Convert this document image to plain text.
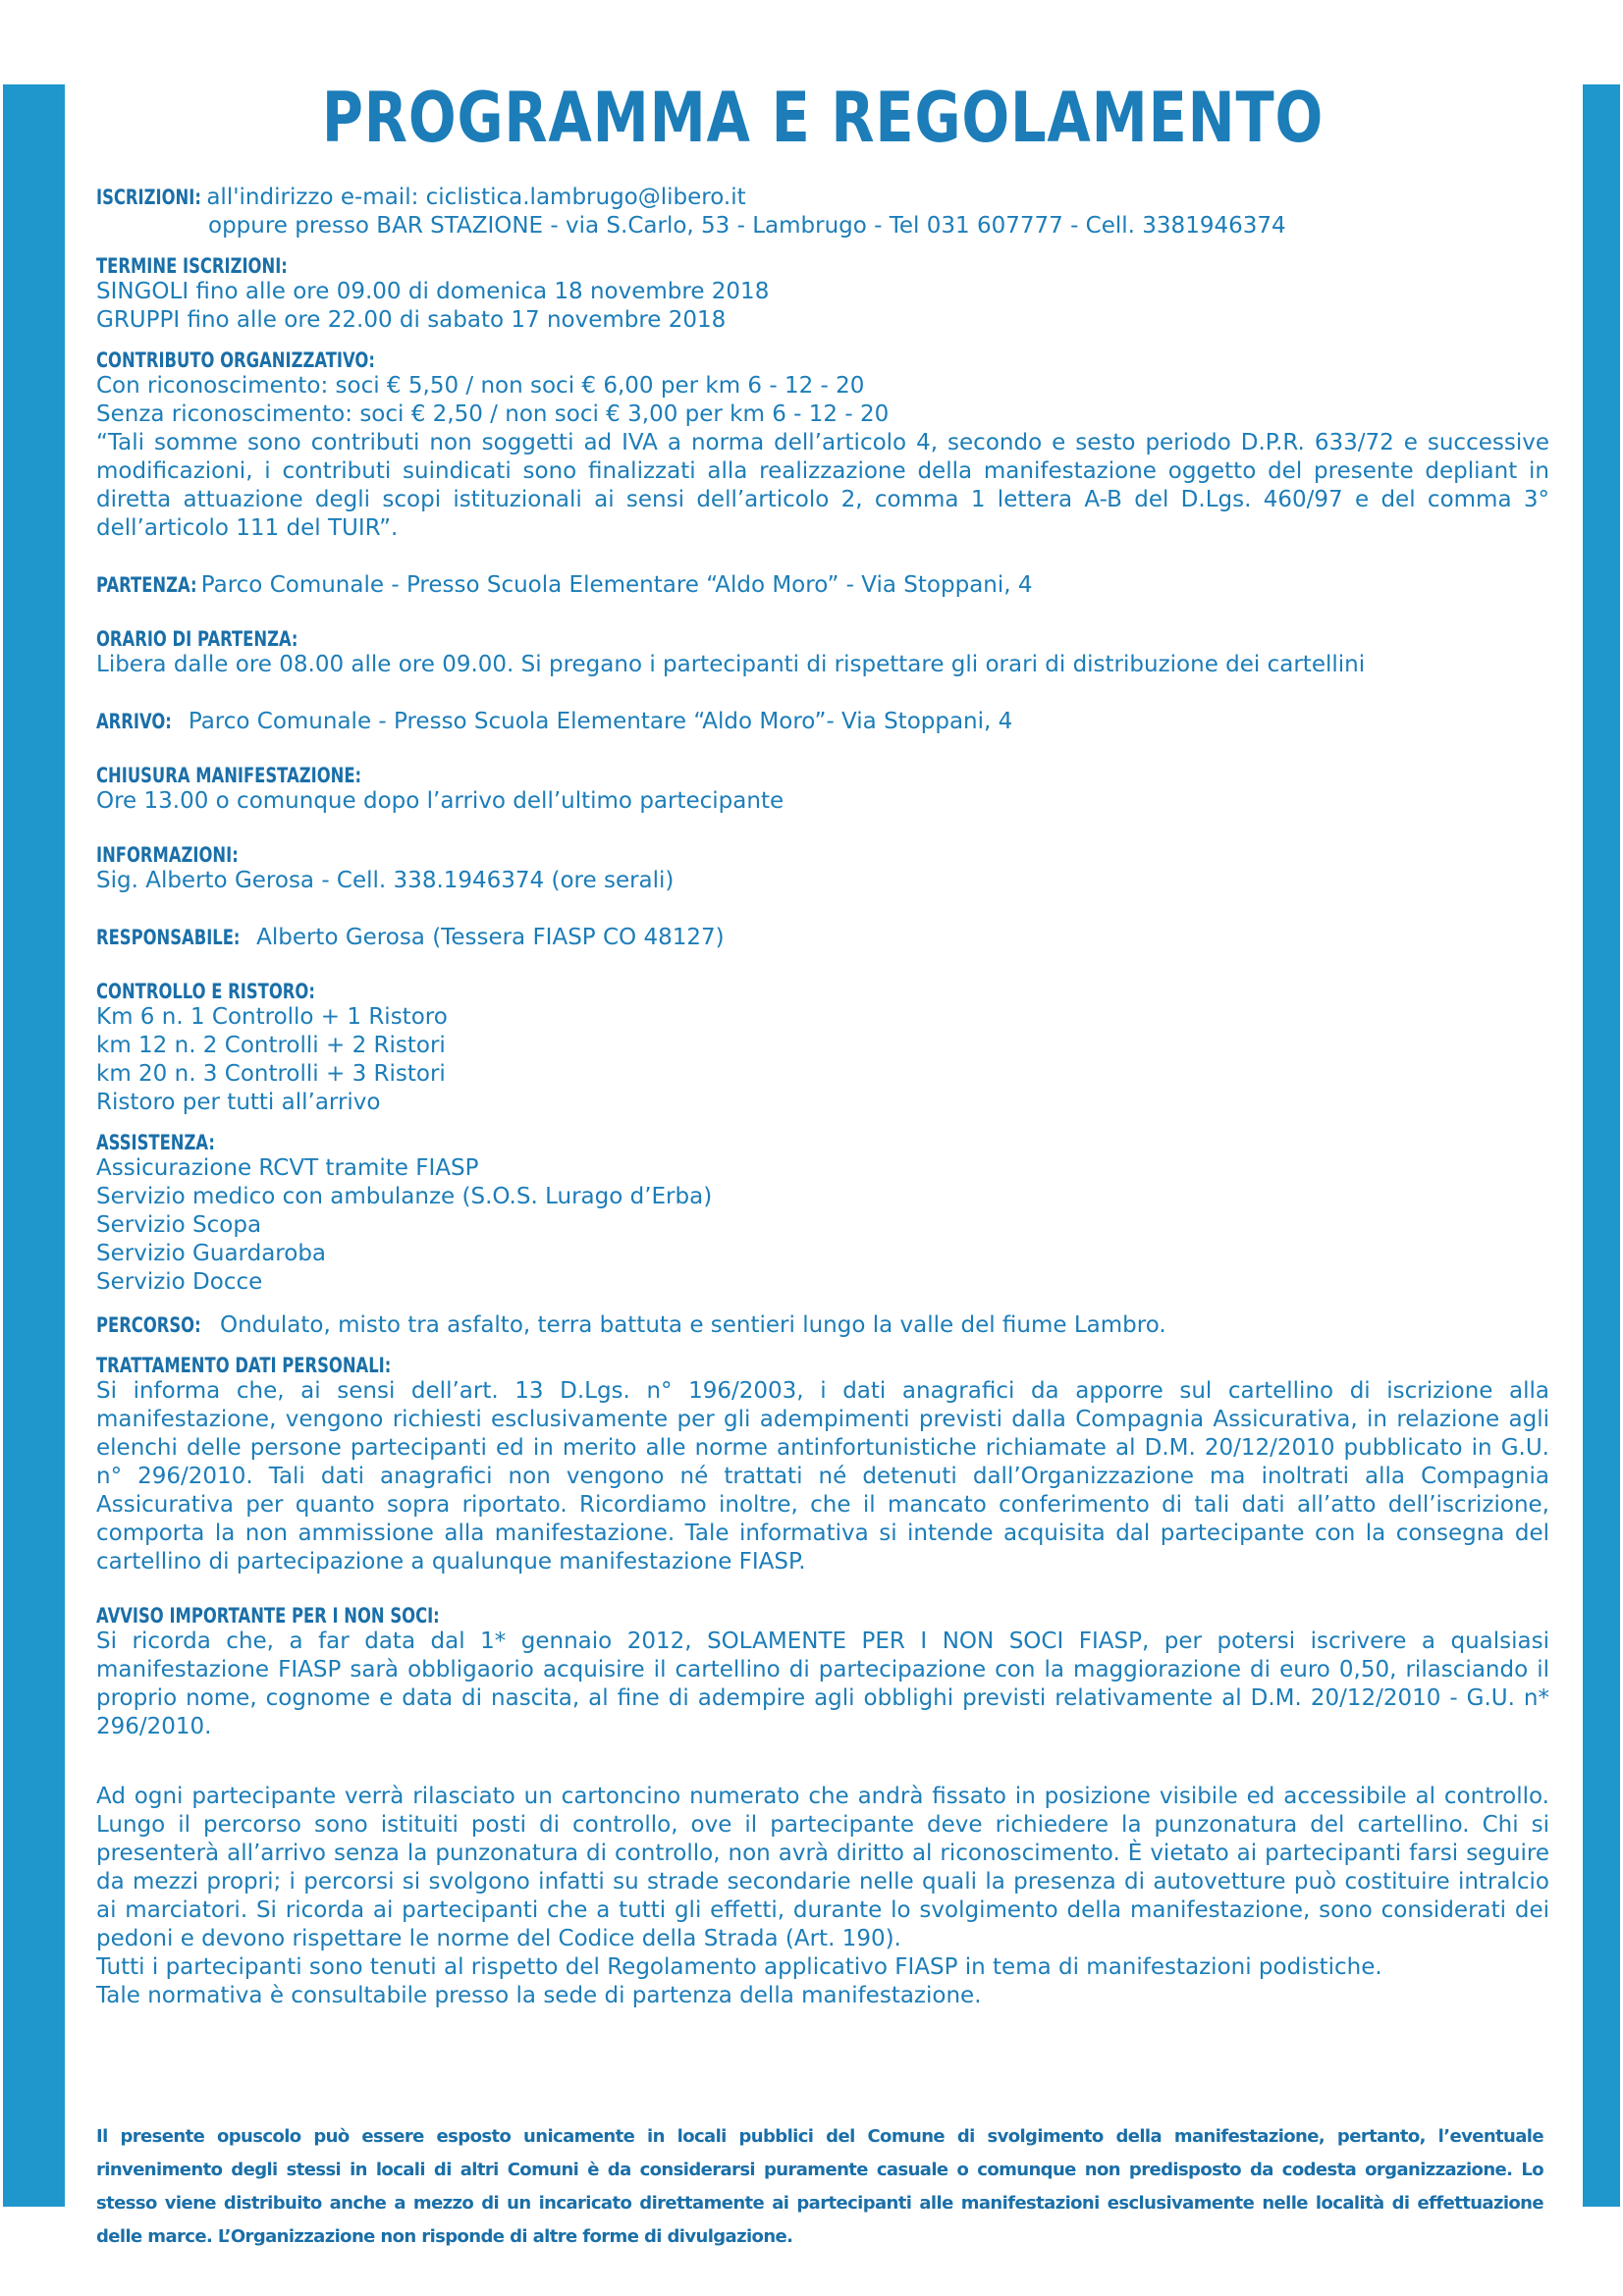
PROGRAMMA E REGOLAMENTO
ISCRIZIONI: all'indirizzo e-mail: ciclistica.lambrugo@libero.it
oppure presso BAR STAZIONE - via S.Carlo, 53 - Lambrugo - Tel 031 607777 - Cell. 3381946374
TERMINE ISCRIZIONI:
SINGOLI fino alle ore 09.00 di domenica 18 novembre 2018
GRUPPI fino alle ore 22.00 di sabato 17 novembre 2018
CONTRIBUTO ORGANIZZATIVO:
Con riconoscimento: soci € 5,50 / non soci € 6,00 per km 6 - 12 - 20
Senza riconoscimento: soci € 2,50 / non soci € 3,00 per km 6 - 12 - 20
“Tali somme sono contributi non soggetti ad IVA a norma dell’articolo 4, secondo e sesto periodo D.P.R. 633/72 e successive modificazioni, i contributi suindicati sono finalizzati alla realizzazione della manifestazione oggetto del presente depliant in diretta attuazione degli scopi istituzionali ai sensi dell’articolo 2, comma 1 lettera A-B del D.Lgs. 460/97 e del comma 3° dell’articolo 111 del TUIR”.
PARTENZA: Parco Comunale - Presso Scuola Elementare “Aldo Moro” - Via Stoppani, 4
ORARIO DI PARTENZA:
Libera dalle ore 08.00 alle ore 09.00. Si pregano i partecipanti di rispettare gli orari di distribuzione dei cartellini
ARRIVO: Parco Comunale - Presso Scuola Elementare “Aldo Moro”- Via Stoppani, 4
CHIUSURA MANIFESTAZIONE:
Ore 13.00 o comunque dopo l’arrivo dell’ultimo partecipante
INFORMAZIONI:
Sig. Alberto Gerosa - Cell. 338.1946374 (ore serali)
RESPONSABILE: Alberto Gerosa (Tessera FIASP CO 48127)
CONTROLLO E RISTORO:
Km 6 n. 1 Controllo + 1 Ristoro
km 12 n. 2 Controlli + 2 Ristori
km 20 n. 3 Controlli + 3 Ristori
Ristoro per tutti all’arrivo
ASSISTENZA:
Assicurazione RCVT tramite FIASP
Servizio medico con ambulanze (S.O.S. Lurago d’Erba)
Servizio Scopa
Servizio Guardaroba
Servizio Docce
PERCORSO: Ondulato, misto tra asfalto, terra battuta e sentieri lungo la valle del fiume Lambro.
TRATTAMENTO DATI PERSONALI:
Si informa che, ai sensi dell’art. 13 D.Lgs. n° 196/2003, i dati anagrafici da apporre sul cartellino di iscrizione alla manifestazione, vengono richiesti esclusivamente per gli adempimenti previsti dalla Compagnia Assicurativa, in relazione agli elenchi delle persone partecipanti ed in merito alle norme antinfortunistiche richiamate al D.M. 20/12/2010 pubblicato in G.U. n° 296/2010. Tali dati anagrafici non vengono né trattati né detenuti dall’Organizzazione ma inoltrati alla Compagnia Assicurativa per quanto sopra riportato. Ricordiamo inoltre, che il mancato conferimento di tali dati all’atto dell’iscrizione, comporta la non ammissione alla manifestazione. Tale informativa si intende acquisita dal partecipante con la consegna del cartellino di partecipazione a qualunque manifestazione FIASP.
AVVISO IMPORTANTE PER I NON SOCI:
Si ricorda che, a far data dal 1* gennaio 2012, SOLAMENTE PER I NON SOCI FIASP, per potersi iscrivere a qualsiasi manifestazione FIASP sarà obbligaorio acquisire il cartellino di partecipazione con la maggiorazione di euro 0,50, rilasciando il proprio nome, cognome e data di nascita, al fine di adempire agli obblighi previsti relativamente al D.M. 20/12/2010 - G.U. n* 296/2010.
Ad ogni partecipante verrà rilasciato un cartoncino numerato che andrà fissato in posizione visibile ed accessibile al controllo. Lungo il percorso sono istituiti posti di controllo, ove il partecipante deve richiedere la punzonatura del cartellino. Chi si presenterà all’arrivo senza la punzonatura di controllo, non avrà diritto al riconoscimento. È vietato ai partecipanti farsi seguire da mezzi propri; i percorsi si svolgono infatti su strade secondarie nelle quali la presenza di autovetture può costituire intralcio ai marciatori. Si ricorda ai partecipanti che a tutti gli effetti, durante lo svolgimento della manifestazione, sono considerati dei pedoni e devono rispettare le norme del Codice della Strada (Art. 190).
Tutti i partecipanti sono tenuti al rispetto del Regolamento applicativo FIASP in tema di manifestazioni podistiche.
Tale normativa è consultabile presso la sede di partenza della manifestazione.
Il presente opuscolo può essere esposto unicamente in locali pubblici del Comune di svolgimento della manifestazione, pertanto, l’eventuale rinvenimento degli stessi in locali di altri Comuni è da considerarsi puramente casuale o comunque non predisposto da codesta organizzazione. Lo stesso viene distribuito anche a mezzo di un incaricato direttamente ai partecipanti alle manifestazioni esclusivamente nelle località di effettuazione delle marce. L’Organizzazione non risponde di altre forme di divulgazione.
